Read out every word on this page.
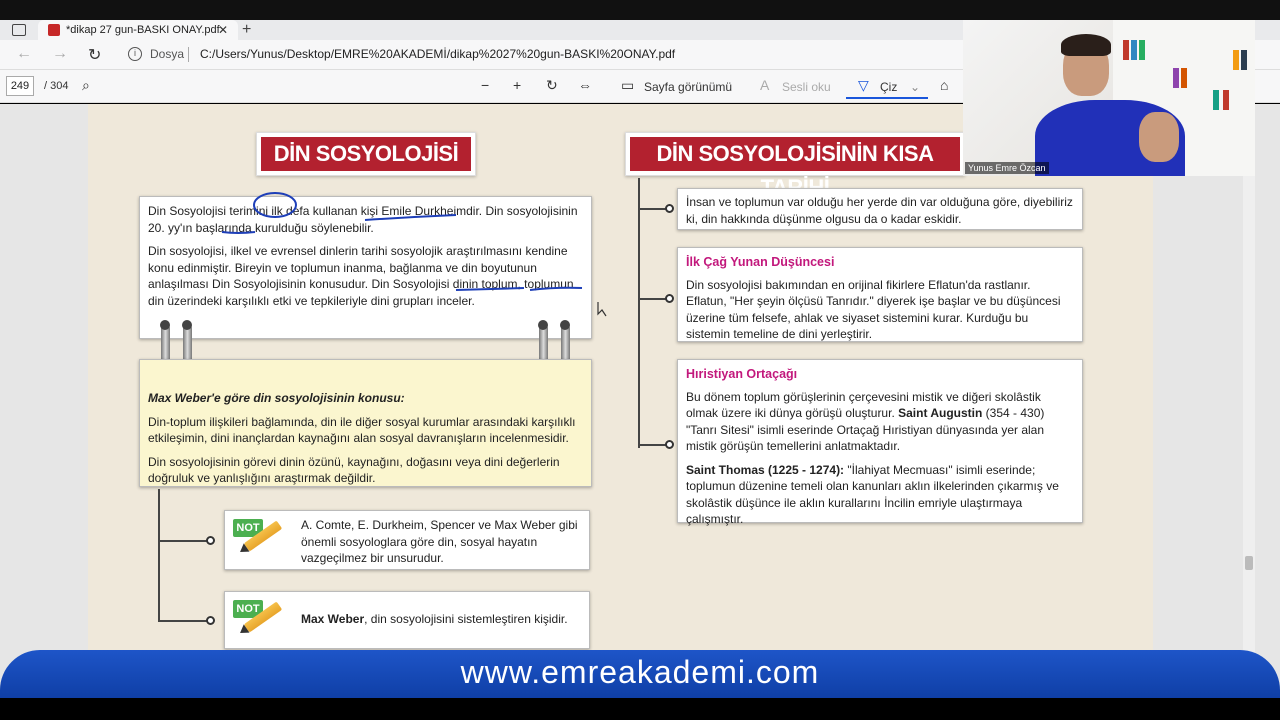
*dikap 27 gun-BASKI ONAY.pdf
✕ +
← → ↻	i	Dosya C:/Users/Yunus/Desktop/EMRE%20AKADEMİ/dikap%2027%20gun-BASKI%20ONAY.pdf
249	/ 304 ⌕	− + ↻ ⇔ ▭ Sayfa görünümü A Sesli oku ▽ Çiz ⌄ ⌂
DİN SOSYOLOJİSİ	DİN SOSYOLOJİSİNİN KISA

Din Sosyolojisi terimini ilk defa kullanan kişi Emile Durkheimdir. Din sosyolojisinin 20. yy'ın başlarında kurulduğu söylenebilir.

Din sosyolojisi, ilkel ve evrensel dinlerin tarihi sosyolojik araştırılmasını kendine konu edinmiştir. Bireyin ve toplumun inanma, bağlanma ve din boyutunun anlaşılması Din Sosyolojisinin konusudur. Din Sosyolojisi dinin toplum, toplumun din üzerindeki karşılıklı etki ve tepkileriyle dini grupları inceler.

Max Weber'e göre din sosyolojisinin konusu:

Din-toplum ilişkileri bağlamında, din ile diğer sosyal kurumlar arasındaki karşılıklı etkileşimin, dini inançlardan kaynağını alan sosyal davranışların incelenmesidir.

Din sosyolojisinin görevi dinin özünü, kaynağını, doğasını veya dini değerlerin doğruluk ve yanlışlığını araştırmak değildir.

NOT	A. Comte, E. Durkheim, Spencer ve Max Weber gibi önemli sosyologlara göre din, sosyal hayatın vazgeçilmez bir unsurudur.
NOT
Max Weber, din sosyolojisini sistemleştiren kişidir.
İnsan ve toplumun var olduğu her yerde din var olduğuna göre, diyebiliriz ki, din hakkında düşünme olgusu da o kadar eskidir.
İlk Çağ Yunan Düşüncesi
Din sosyolojisi bakımından en orijinal fikirlere Eflatun'da rastlanır. Eflatun, "Her şeyin ölçüsü Tanrıdır." diyerek işe başlar ve bu düşüncesi üzerine tüm felsefe, ahlak ve siyaset sistemini kurar. Kurduğu bu sistemin temeline de dini yerleştirir.
Hıristiyan Ortaçağı

Bu dönem toplum görüşlerinin çerçevesini mistik ve diğeri skolâstik olmak üzere iki dünya görüşü oluşturur. Saint Augustin (354 - 430) "Tanrı Sitesi" isimli eserinde Ortaçağ Hıristiyan dünyasında yer alan mistik görüşün temellerini anlatmaktadır.

Saint Thomas (1225 - 1274): "İlahiyat Mecmuası" isimli eserinde; toplumun düzenine temeli olan kanunları aklın ilkelerinden çıkarmış ve skolâstik düşünce ile aklın kurallarını İncilin emriyle ulaştırmaya çalışmıştır.

Yunus Emre Özcan
www.emreakademi.com
